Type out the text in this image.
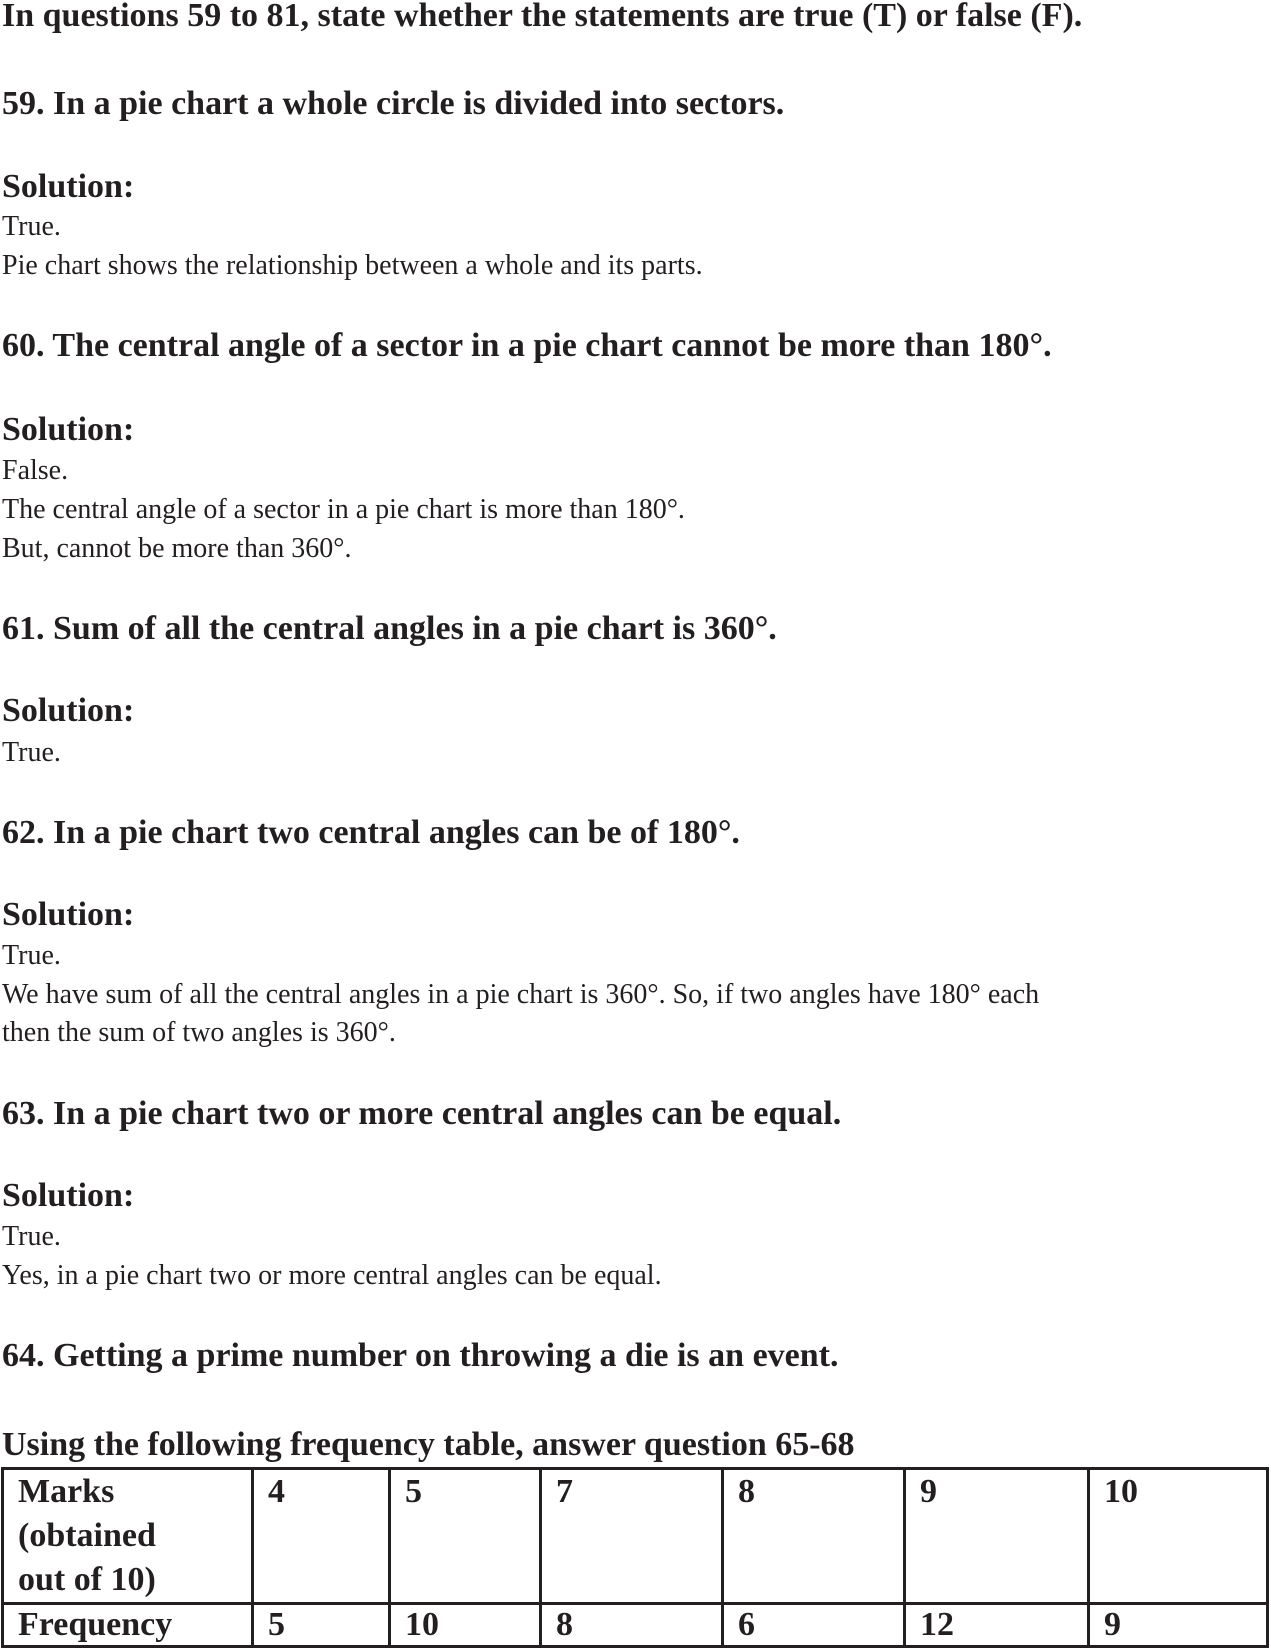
In questions 59 to 81, state whether the statements are true (T) or false (F).
59. In a pie chart a whole circle is divided into sectors.
Solution:
True.
Pie chart shows the relationship between a whole and its parts.
60. The central angle of a sector in a pie chart cannot be more than 180°.
Solution:
False.
The central angle of a sector in a pie chart is more than 180°.
But, cannot be more than 360°.
61. Sum of all the central angles in a pie chart is 360°.
Solution:
True.
62. In a pie chart two central angles can be of 180°.
Solution:
True.
We have sum of all the central angles in a pie chart is 360°. So, if two angles have 180° each
then the sum of two angles is 360°.
63. In a pie chart two or more central angles can be equal.
Solution:
True.
Yes, in a pie chart two or more central angles can be equal.
64. Getting a prime number on throwing a die is an event.
Using the following frequency table, answer question 65-68
Marks
(obtained
out of 10)	4	5	7	8	9	10
Frequency	5	10	8	6	12	9
